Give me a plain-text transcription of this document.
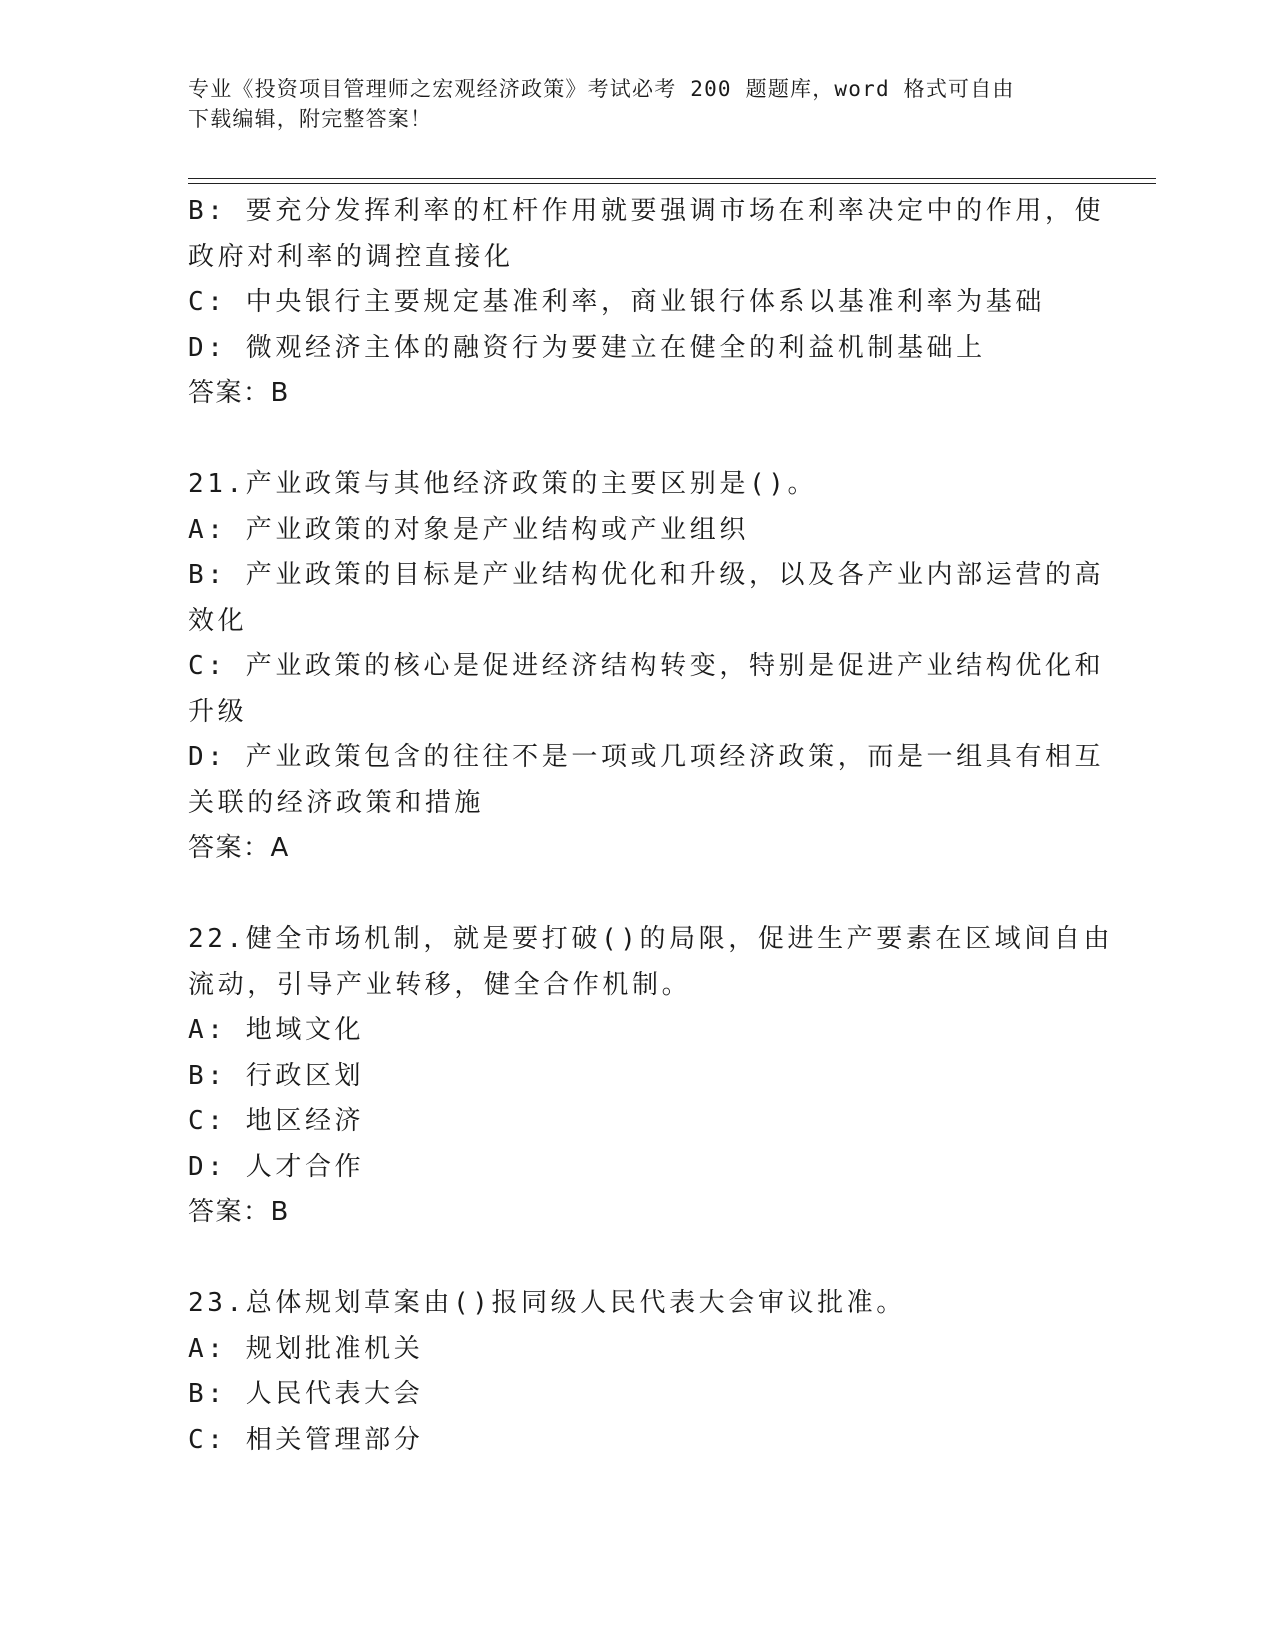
专业《投资项目管理师之宏观经济政策》考试必考 200 题题库，word 格式可自由
下载编辑，附完整答案！
B: 要充分发挥利率的杠杆作用就要强调市场在利率决定中的作用，使
政府对利率的调控直接化
C: 中央银行主要规定基准利率，商业银行体系以基准利率为基础
D: 微观经济主体的融资行为要建立在健全的利益机制基础上
答案：B
21.产业政策与其他经济政策的主要区别是()。
A: 产业政策的对象是产业结构或产业组织
B: 产业政策的目标是产业结构优化和升级，以及各产业内部运营的高
效化
C: 产业政策的核心是促进经济结构转变，特别是促进产业结构优化和
升级
D: 产业政策包含的往往不是一项或几项经济政策，而是一组具有相互
关联的经济政策和措施
答案：A
22.健全市场机制，就是要打破()的局限，促进生产要素在区域间自由
流动，引导产业转移，健全合作机制。
A: 地域文化
B: 行政区划
C: 地区经济
D: 人才合作
答案：B
23.总体规划草案由()报同级人民代表大会审议批准。
A: 规划批准机关
B: 人民代表大会
C: 相关管理部分
